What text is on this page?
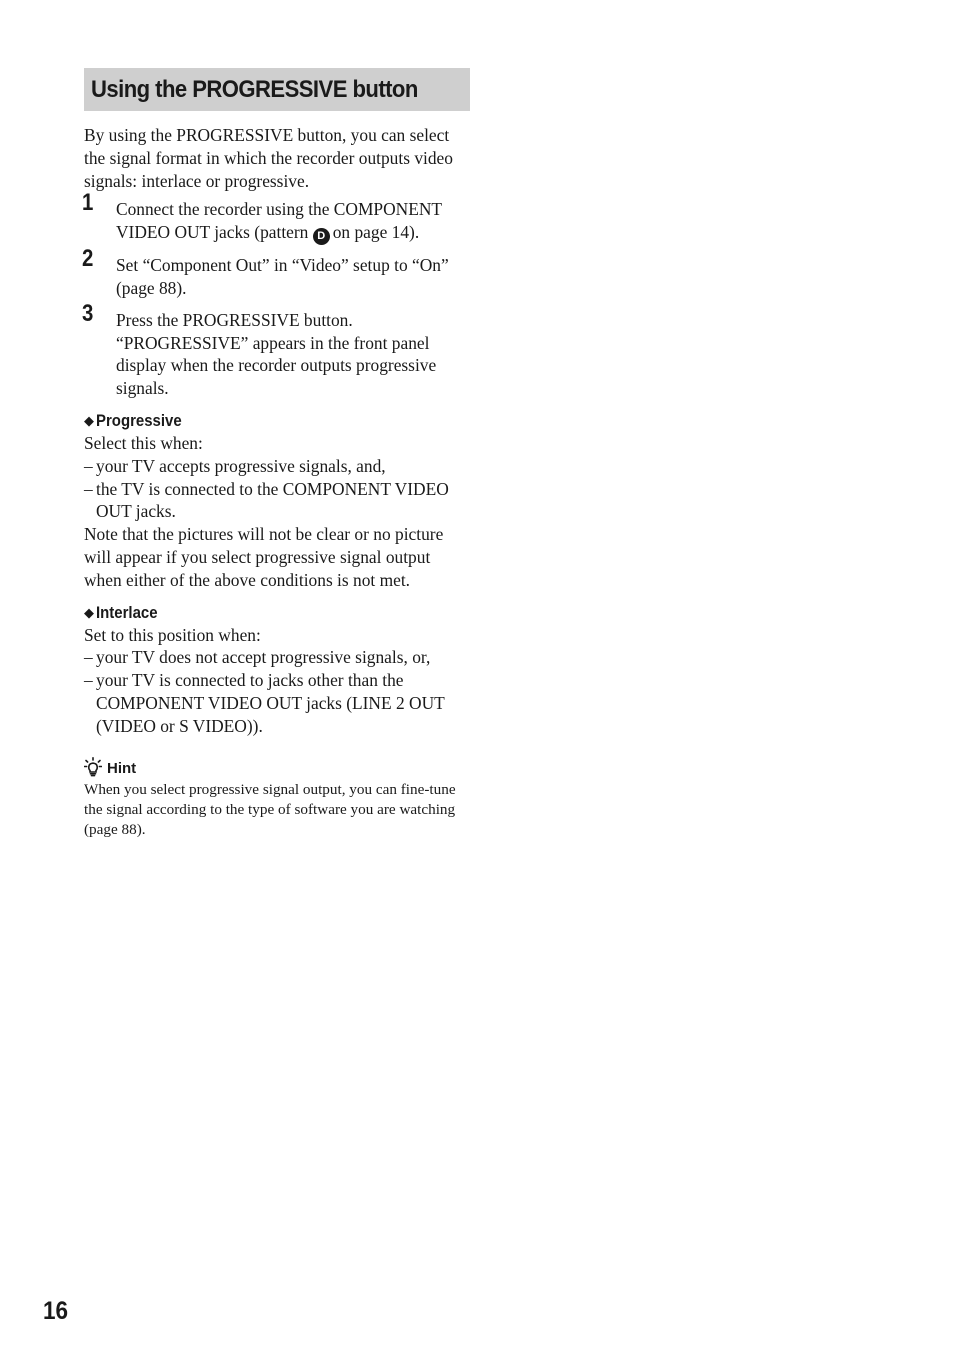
Using the PROGRESSIVE button
By using the PROGRESSIVE button, you can select the signal format in which the recorder outputs video signals: interlace or progressive.
1 Connect the recorder using the COMPONENT VIDEO OUT jacks (pattern D on page 14).
2 Set “Component Out” in “Video” setup to “On” (page 88).
3 Press the PROGRESSIVE button.
“PROGRESSIVE” appears in the front panel display when the recorder outputs progressive signals.
◆ Progressive
Select this when:
– your TV accepts progressive signals, and,
– the TV is connected to the COMPONENT VIDEO OUT jacks.
Note that the pictures will not be clear or no picture will appear if you select progressive signal output when either of the above conditions is not met.
◆ Interlace
Set to this position when:
– your TV does not accept progressive signals, or,
– your TV is connected to jacks other than the COMPONENT VIDEO OUT jacks (LINE 2 OUT (VIDEO or S VIDEO)).
Hint
When you select progressive signal output, you can fine-tune the signal according to the type of software you are watching (page 88).
16
